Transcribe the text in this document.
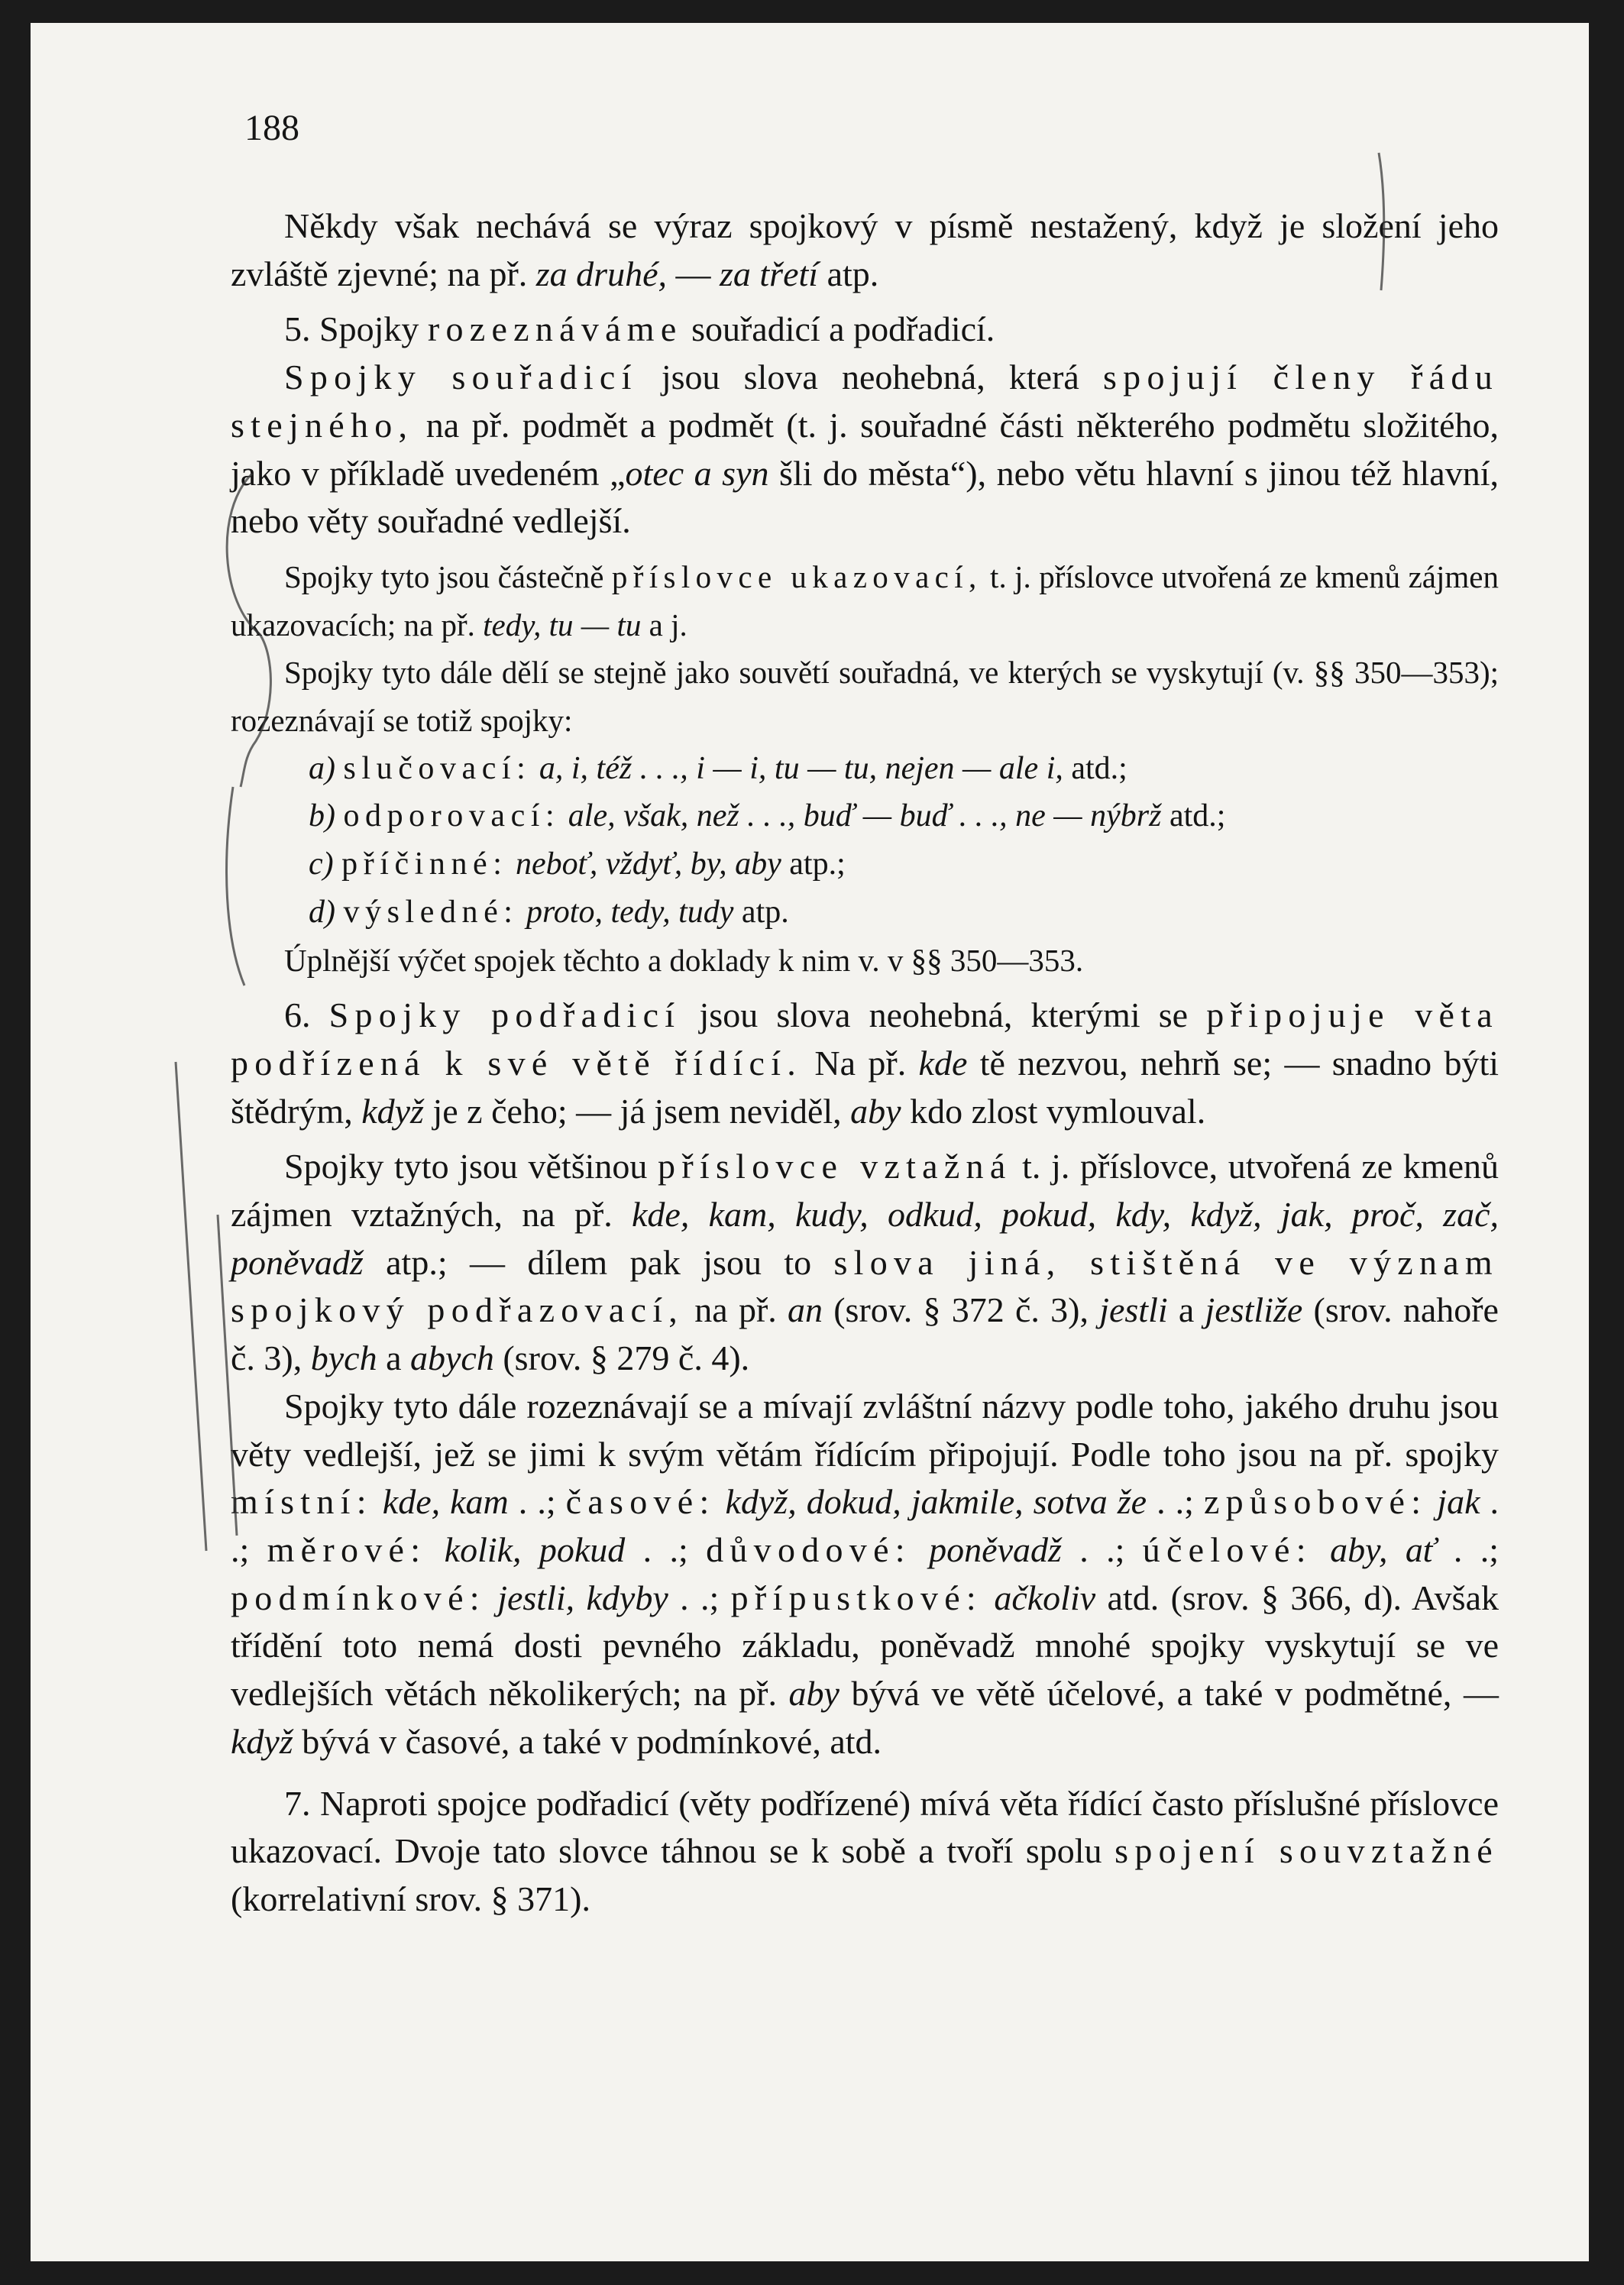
188

Někdy však nechává se výraz spojkový v písmě nestažený, když je složení jeho zvláště zjevné; na př. za druhé, — za třetí atp.

5. Spojky rozeznáváme souřadicí a podřadicí.

Spojky souřadicí jsou slova neohebná, která spojují členy řádu stejného, na př. podmět a podmět (t. j. souřadné části některého podmětu složitého, jako v příkladě uvedeném „otec a syn šli do města“), nebo větu hlavní s jinou též hlavní, nebo věty souřadné vedlejší.

Spojky tyto jsou částečně příslovce ukazovací, t. j. příslovce utvořená ze kmenů zájmen ukazovacích; na př. tedy, tu — tu a j.

Spojky tyto dále dělí se stejně jako souvětí souřadná, ve kterých se vyskytují (v. §§ 350—353); rozeznávají se totiž spojky:

a) slučovací: a, i, též . . ., i — i, tu — tu, nejen — ale i, atd.;

b) odporovací: ale, však, než . . ., buď — buď . . ., ne — nýbrž atd.;

c) příčinné: neboť, vždyť, by, aby atp.;

d) výsledné: proto, tedy, tudy atp.

Úplnější výčet spojek těchto a doklady k nim v. v §§ 350—353.

6. Spojky podřadicí jsou slova neohebná, kterými se připojuje věta podřízená k své větě řídící. Na př. kde tě nezvou, nehrň se; — snadno býti štědrým, když je z čeho; — já jsem neviděl, aby kdo zlost vymlouval.

Spojky tyto jsou většinou příslovce vztažná t. j. příslovce, utvořená ze kmenů zájmen vztažných, na př. kde, kam, kudy, odkud, pokud, kdy, když, jak, proč, zač, poněvadž atp.; — dílem pak jsou to slova jiná, stištěná ve význam spojkový podřazovací, na př. an (srov. § 372 č. 3), jestli a jestliže (srov. nahoře č. 3), bych a abych (srov. § 279 č. 4).

Spojky tyto dále rozeznávají se a mívají zvláštní názvy podle toho, jakého druhu jsou věty vedlejší, jež se jimi k svým větám řídícím připojují. Podle toho jsou na př. spojky místní: kde, kam . .; časové: když, dokud, jakmile, sotva že . .; způsobové: jak . .; měrové: kolik, pokud . .; důvodové: poněvadž . .; účelové: aby, ať . .; podmínkové: jestli, kdyby . .; přípustkové: ačkoliv atd. (srov. § 366, d). Avšak třídění toto nemá dosti pevného základu, poněvadž mnohé spojky vyskytují se ve vedlejších větách několikerých; na př. aby bývá ve větě účelové, a také v podmětné, — když bývá v časové, a také v podmínkové, atd.

7. Naproti spojce podřadicí (věty podřízené) mívá věta řídící často příslušné příslovce ukazovací. Dvoje tato slovce táhnou se k sobě a tvoří spolu spojení souvztažné (korrelativní srov. § 371).
